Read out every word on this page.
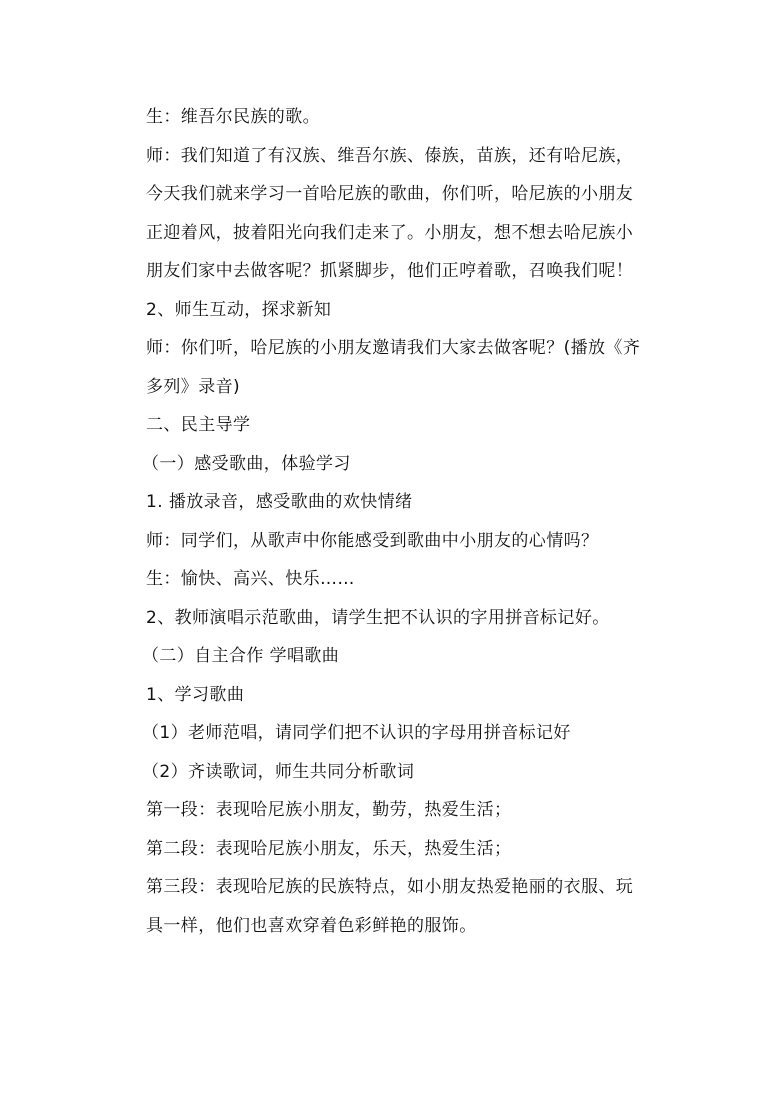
生：维吾尔民族的歌。
师：我们知道了有汉族、维吾尔族、傣族，苗族，还有哈尼族，
今天我们就来学习一首哈尼族的歌曲，你们听，哈尼族的小朋友
正迎着风，披着阳光向我们走来了。小朋友，想不想去哈尼族小
朋友们家中去做客呢？抓紧脚步，他们正哼着歌，召唤我们呢！
2、师生互动，探求新知
师：你们听，哈尼族的小朋友邀请我们大家去做客呢？(播放《齐
多列》录音)
二、民主导学
（一）感受歌曲，体验学习
1. 播放录音，感受歌曲的欢快情绪
师：同学们，从歌声中你能感受到歌曲中小朋友的心情吗？
生：愉快、高兴、快乐……
2、教师演唱示范歌曲，请学生把不认识的字用拼音标记好。
（二）自主合作 学唱歌曲
1、学习歌曲
（1）老师范唱，请同学们把不认识的字母用拼音标记好
（2）齐读歌词，师生共同分析歌词
第一段：表现哈尼族小朋友，勤劳，热爱生活；
第二段：表现哈尼族小朋友，乐天，热爱生活；
第三段：表现哈尼族的民族特点，如小朋友热爱艳丽的衣服、玩
具一样，他们也喜欢穿着色彩鲜艳的服饰。
